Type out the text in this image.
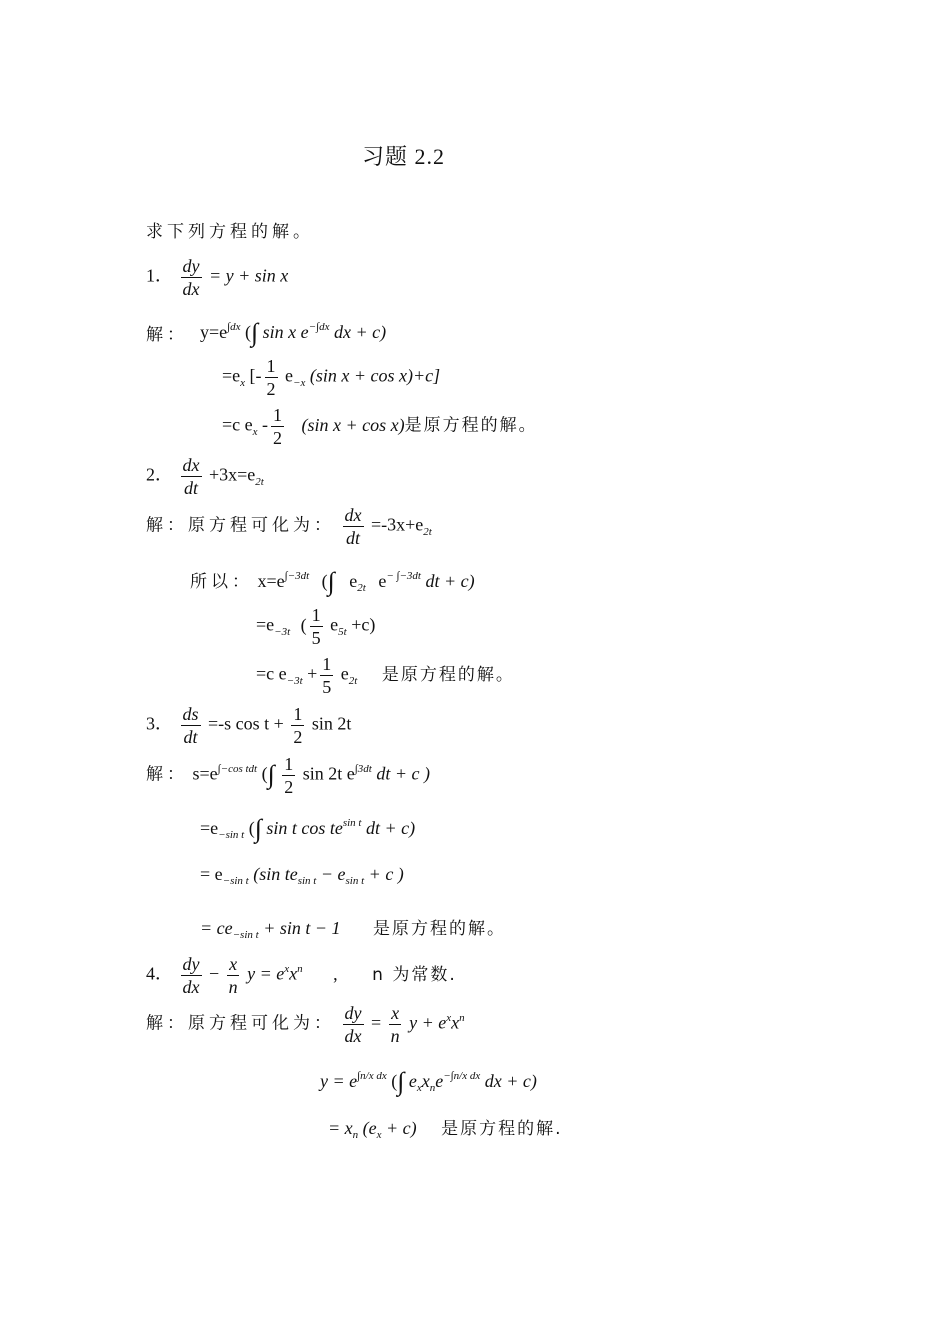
习题 2.2
求下列方程的解。
1． $\frac{dy}{dx} = y + \sin x$
解： $y=e^{\int dx}$ (∫ sin x $e^{-\int dx}$ dx + c)
$=e_x$ [- $\frac{1}{2} e_{-x}$ (sin x + cos x)+c]
=c $e_x - \frac{1}{2} (\sin$ x + cos x)是原方程的解。
2． $\frac{dx}{dt} +3x=e_{2t}$
解：原方程可化为： $\frac{dx}{dt} =-3x+e_{2t}$
所以： $x=e^{\int-3dt}$ (∫ $e_{2t}$ $e^{- \int-3dt}$ dt + c)
$=e_{-3t}$ ( $\frac{1}{5} e_{5t} +c$)
=c $e_{-3t} + \frac{1}{5} e_{2t}$ 是原方程的解。
3． $\frac{ds}{dt} =-s$ $\cos t + \frac{1}{2}$ sin 2t
解： $s=e^{\int-cos tdt}$ (∫ $\frac{1}{2}$ sin 2t $e^{\int 3dt}$ dt + c )
$=e_{-sin t}$ (∫ sin t $\cos te^{sin t}$ dt + c)
= $e_{-sin t}$ (sin $te_{sin t} - e_{sin t} + c$ )
= $ce_{-sin t} + \sin t - 1$ 是原方程的解。
4． $\frac{dy}{dx} - \frac{x}{n}$ $y = e^xx^n$ , n 为常数.
解：原方程可化为： $\frac{dy}{dx} = \frac{x}{n}$ $y + e^xx^n$
$y = e^{\int n/x dx}$ (∫ $e_xx_ne^{-\int n/x dx}$ dx + c)
= $x_n$ $(e_x + c)$ 是原方程的解.
